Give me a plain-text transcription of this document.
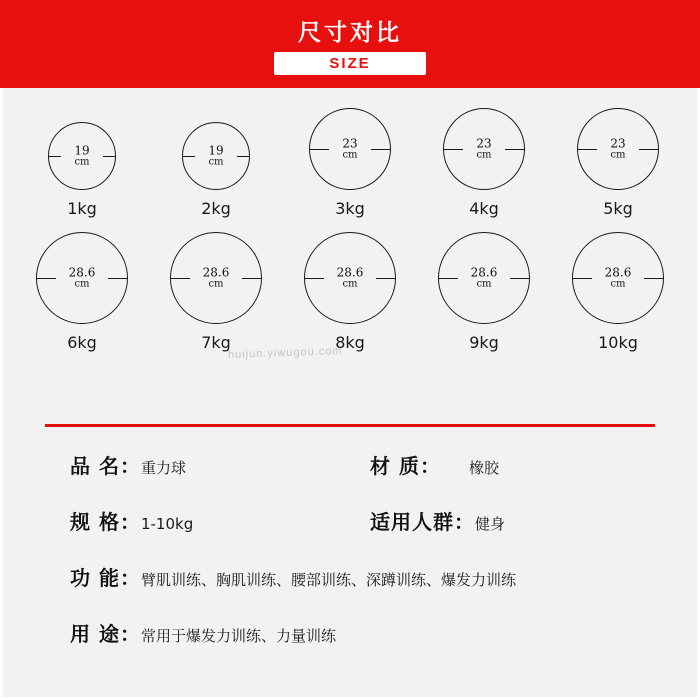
尺寸对比
SIZE
19
cm
1kg
19
cm
2kg
23
cm
3kg
23
cm
4kg
23
cm
5kg
28.6
cm
6kg
28.6
cm
7kg
28.6
cm
8kg
28.6
cm
9kg
28.6
cm
10kg
huijun.yiwugou.com
品 名： 重力球	材 质：	橡胶
规 格： 1-10kg	适用人群： 健身
功 能： 臂肌训练、胸肌训练、腰部训练、深蹲训练、爆发力训练
用 途： 常用于爆发力训练、力量训练
